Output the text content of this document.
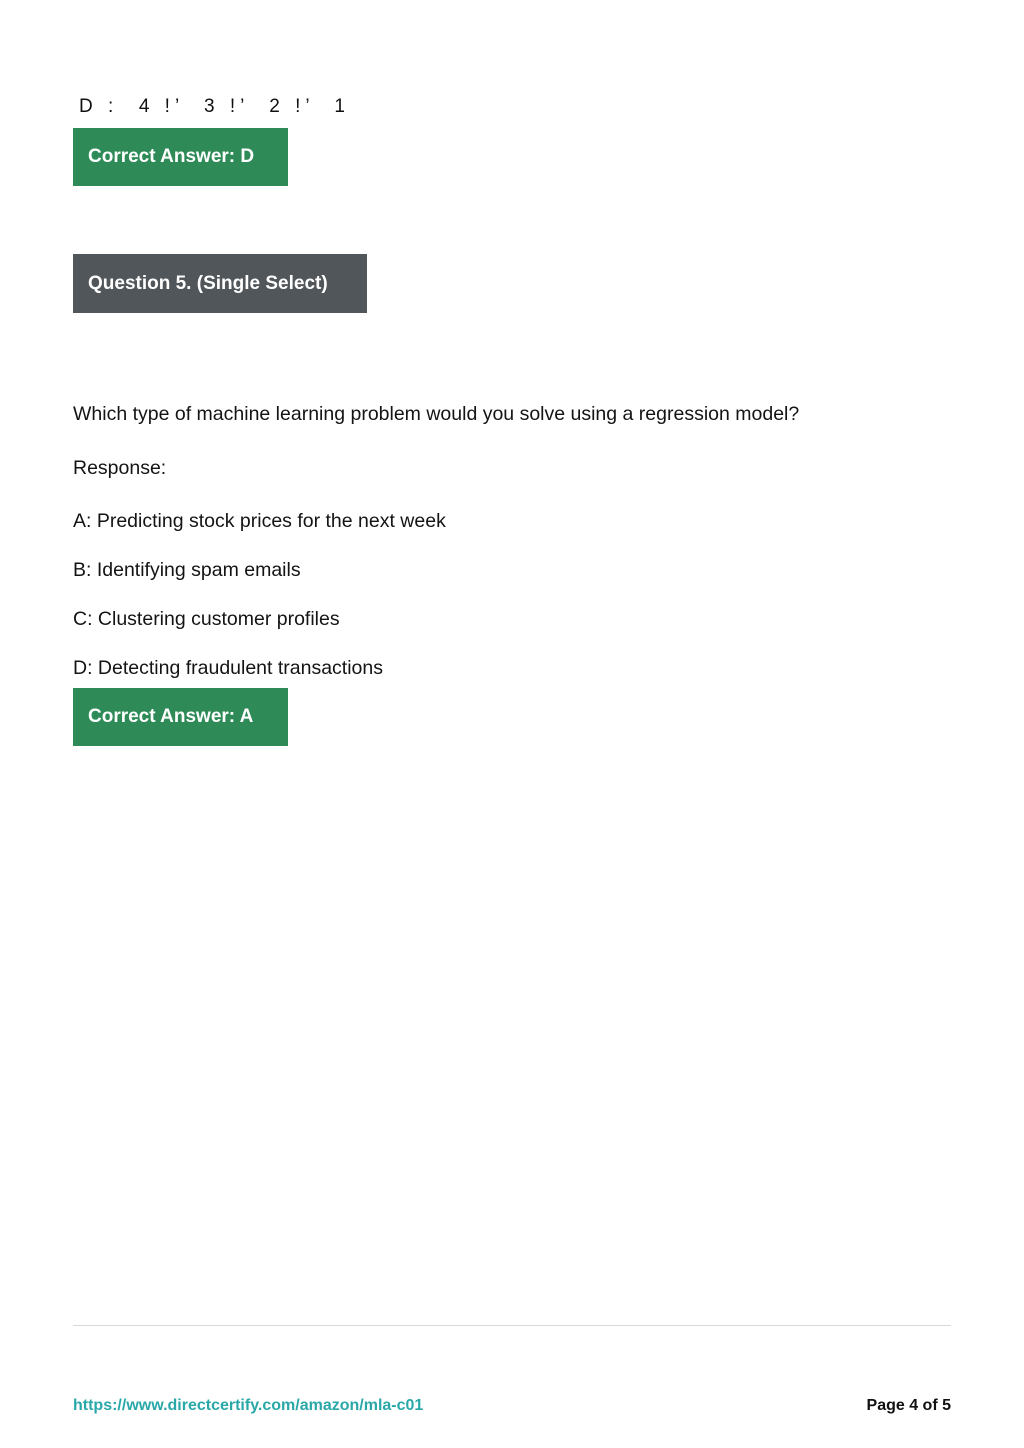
D :  4 !’  3 !’  2 !’  1
Correct Answer: D
Question 5. (Single Select)
Which type of machine learning problem would you solve using a regression model?
Response:
A: Predicting stock prices for the next week
B: Identifying spam emails
C: Clustering customer profiles
D: Detecting fraudulent transactions
Correct Answer: A
https://www.directcertify.com/amazon/mla-c01	Page 4 of 5
